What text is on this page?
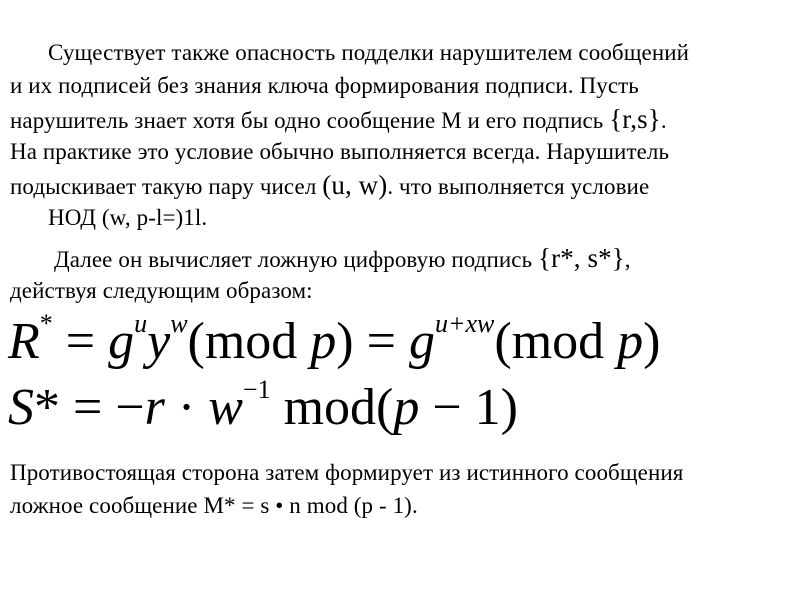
Существует также опасность подделки нарушителем сообщений
и их подписей без знания ключа формирования подписи. Пусть
нарушитель знает хотя бы одно сообщение М и его подпись {r,s}.
На практике это условие обычно выполняется всегда. Нарушитель
подыскивает такую пару чисел (u, w). что выполняется условие
НОД (w, p-l=)1l.
Далее он вычисляет ложную цифровую подпись {r*, s*},
действуя следующим образом:
$R^* = g^uy^w(mod$ $p) = g^{u+xw}(mod$ p)
$S* = -r \cdot w^{-1}$ mod(p − 1)
Противостоящая сторона затем формирует из истинного сообщения
ложное сообщение М* = s • n mod (p - 1).
